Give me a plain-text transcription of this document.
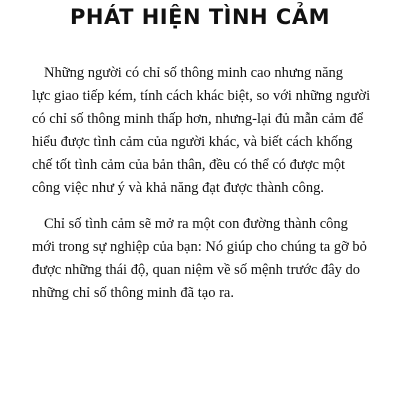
PHÁT HIỆN TÌNH CẢM
Những người có chỉ số thông minh cao nhưng năng
lực giao tiếp kém, tính cách khác biệt, so với những người
có chỉ số thông minh thấp hơn, nhưng-lại đủ mẫn cảm để
hiểu được tình cảm của người khác, và biết cách khống
chế tốt tình cảm của bản thân, đều có thể có được một
công việc như ý và khả năng đạt được thành công.
Chỉ số tình cảm sẽ mở ra một con đường thành công
mới trong sự nghiệp của bạn: Nó giúp cho chúng ta gỡ bỏ
được những thái độ, quan niệm về số mệnh trước đây do
những chỉ số thông minh đã tạo ra.
